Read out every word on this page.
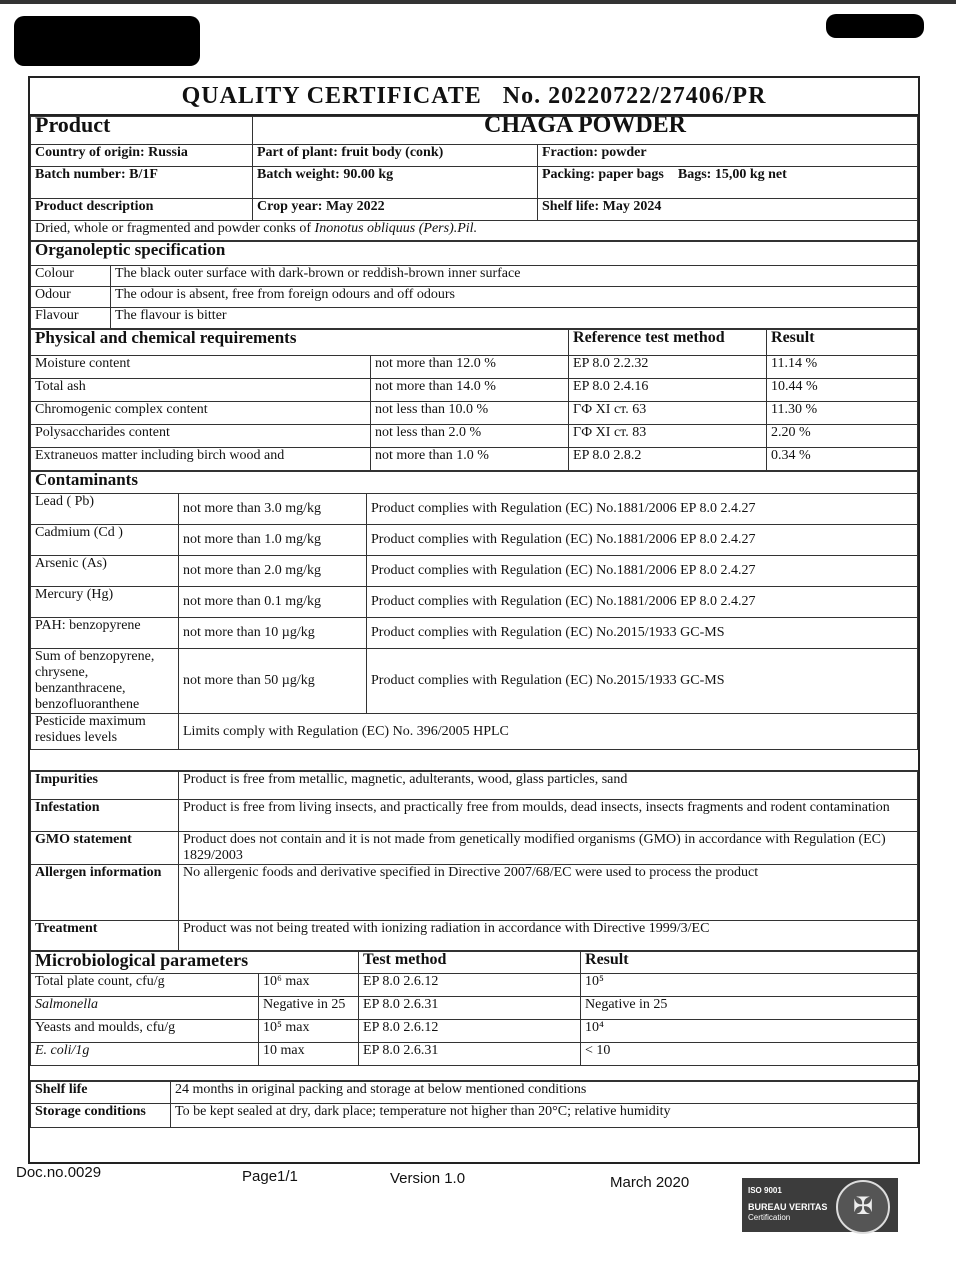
QUALITY CERTIFICATE No. 20220722/27406/PR
Product	CHAGA POWDER	
Country of origin: Russia	Part of plant: fruit body (conk)	Fraction: powder
Batch number: B/1F	Batch weight: 90.00 kg	Packing: paper bags Bags: 15,00 kg net
Product description	Crop year: May 2022	Shelf life: May 2024
Dried, whole or fragmented and powder conks of Inonotus obliquus (Pers).Pil.		
Organoleptic specification	
Colour	The black outer surface with dark-brown or reddish-brown inner surface
Odour	The odour is absent, free from foreign odours and off odours
Flavour	The flavour is bitter
Physical and chemical requirements		Reference test method	Result
Moisture content	not more than 12.0 %	EP 8.0 2.2.32	11.14 %
Total ash	not more than 14.0 %	EP 8.0 2.4.16	10.44 %
Chromogenic complex content	not less than 10.0 %	ГФ XI ст. 63	11.30 %
Polysaccharides content	not less than 2.0 %	ГФ XI ст. 83	2.20 %
Extraneuos matter including birch wood and	not more than 1.0 %	EP 8.0 2.8.2	0.34 %
Contaminants		
Lead ( Pb)	not more than 3.0 mg/kg	Product complies with Regulation (EC) No.1881/2006 EP 8.0 2.4.27
Cadmium (Cd )	not more than 1.0 mg/kg	Product complies with Regulation (EC) No.1881/2006 EP 8.0 2.4.27
Arsenic (As)	not more than 2.0 mg/kg	Product complies with Regulation (EC) No.1881/2006 EP 8.0 2.4.27
Mercury (Hg)	not more than 0.1 mg/kg	Product complies with Regulation (EC) No.1881/2006 EP 8.0 2.4.27
PAH: benzopyrene	not more than 10 µg/kg	Product complies with Regulation (EC) No.2015/1933 GC-MS
Sum of benzopyrene, chrysene, benzanthracene, benzofluoranthene	not more than 50 µg/kg	Product complies with Regulation (EC) No.2015/1933 GC-MS
Pesticide maximum residues levels	Limits comply with Regulation (EC) No. 396/2005 HPLC	
Impurities	Product is free from metallic, magnetic, adulterants, wood, glass particles, sand
Infestation	Product is free from living insects, and practically free from moulds, dead insects, insects fragments and rodent contamination
GMO statement	Product does not contain and it is not made from genetically modified organisms (GMO) in accordance with Regulation (EC) 1829/2003
Allergen information	No allergenic foods and derivative specified in Directive 2007/68/EC were used to process the product
Treatment	Product was not being treated with ionizing radiation in accordance with Directive 1999/3/EC
Microbiological parameters		Test method	Result
Total plate count, cfu/g	10⁶ max	EP 8.0 2.6.12	10⁵
Salmonella	Negative in 25	EP 8.0 2.6.31	Negative in 25
Yeasts and moulds, cfu/g	10⁵ max	EP 8.0 2.6.12	10⁴
E. coli/1g	10 max	EP 8.0 2.6.31	< 10
Shelf life	24 months in original packing and storage at below mentioned conditions
Storage conditions	To be kept sealed at dry, dark place; temperature not higher than 20°C; relative humidity
Doc.no.0029	Page1/1	Version 1.0	March 2020	ISO 9001
BUREAU VERITAS
Certification
✠
